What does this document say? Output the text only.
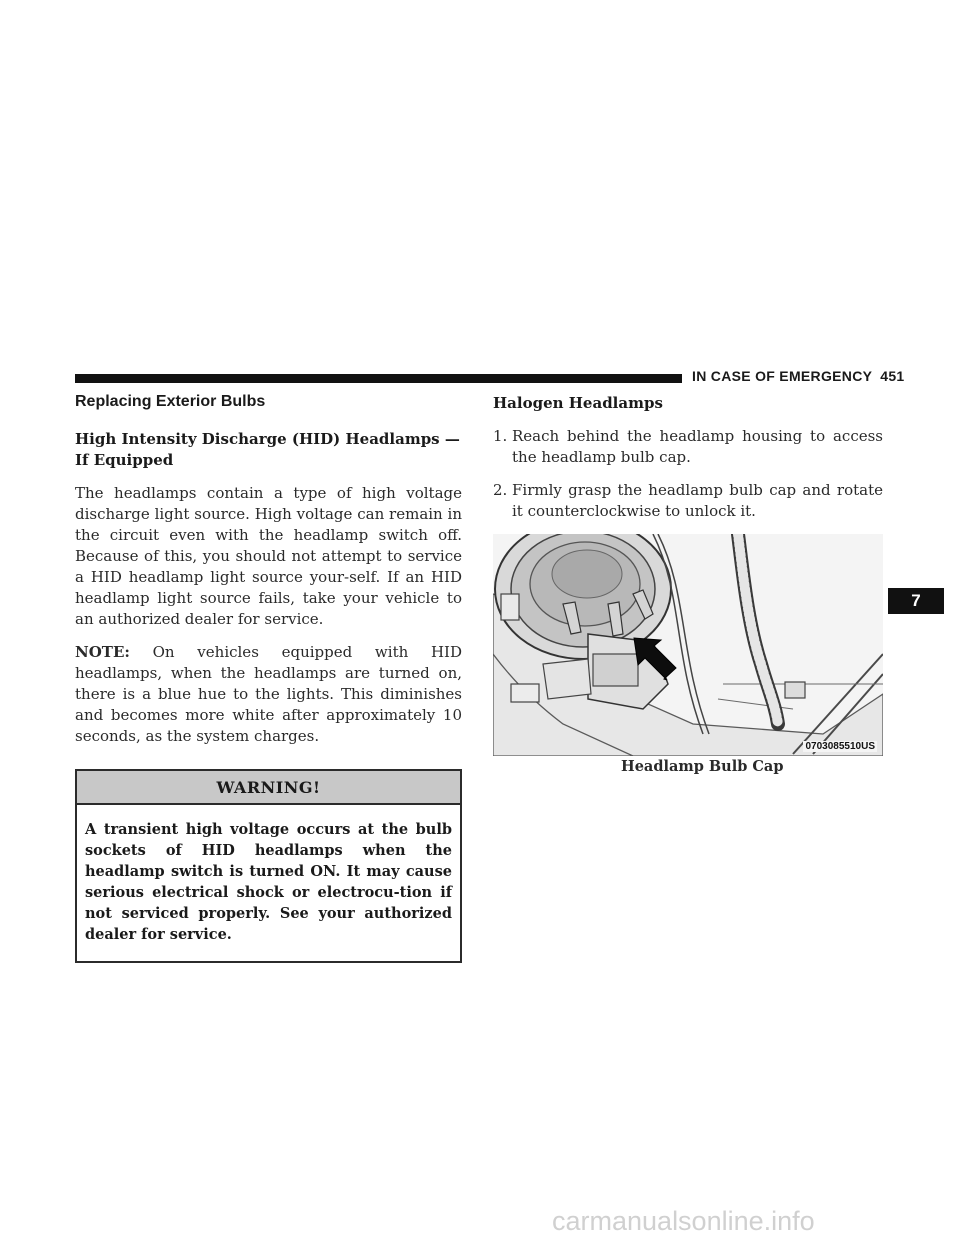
IN CASE OF EMERGENCY 451
Replacing Exterior Bulbs
High Intensity Discharge (HID) Headlamps — If Equipped

The headlamps contain a type of high voltage discharge light source. High voltage can remain in the circuit even with the headlamp switch off. Because of this, you should not attempt to service a HID headlamp light source your-self. If an HID headlamp light source fails, take your vehicle to an authorized dealer for service.

NOTE: On vehicles equipped with HID headlamps, when the headlamps are turned on, there is a blue hue to the lights. This diminishes and becomes more white after approximately 10 seconds, as the system charges.

WARNING!
A transient high voltage occurs at the bulb sockets of HID headlamps when the headlamp switch is turned ON. It may cause serious electrical shock or electrocu-tion if not serviced properly. See your authorized dealer for service.
Halogen Headlamps
1. Reach behind the headlamp housing to access the headlamp bulb cap.
2. Firmly grasp the headlamp bulb cap and rotate it counterclockwise to unlock it.
0703085510US
Headlamp Bulb Cap
7
carmanualsonline.info
